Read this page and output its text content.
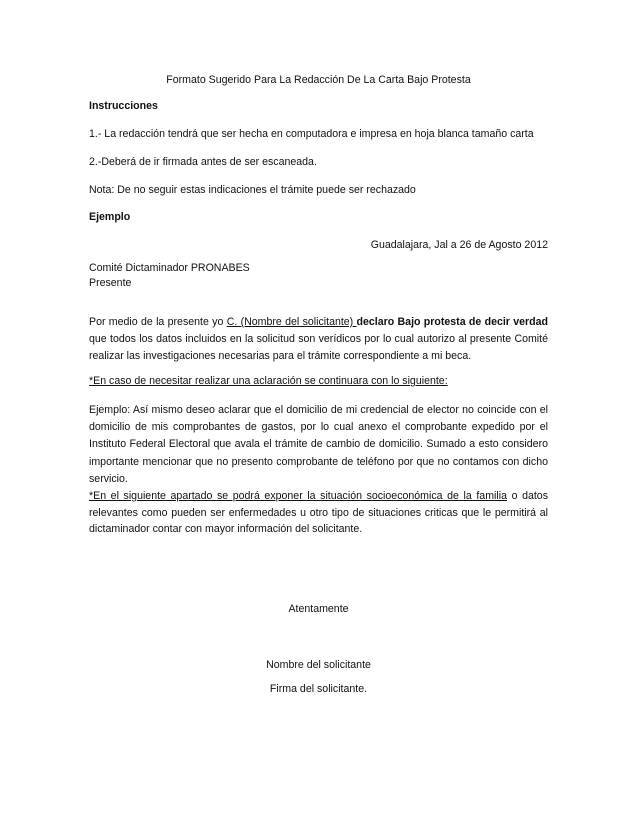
Formato Sugerido Para La Redacción De La Carta Bajo Protesta
Instrucciones
1.- La redacción tendrá que ser hecha en computadora e impresa en hoja blanca tamaño carta
2.-Deberá de ir firmada antes de ser escaneada.
Nota: De no seguir estas indicaciones el trámite puede ser rechazado
Ejemplo
Guadalajara, Jal a 26 de Agosto 2012
Comité Dictaminador PRONABES
Presente
Por medio de la presente yo C. (Nombre del solicitante) declaro Bajo protesta de decir verdad que todos los datos incluidos en la solicitud son verídicos por lo cual autorizo al presente Comité realizar las investigaciones necesarias para el trámite correspondiente a mi beca.
*En caso de necesitar realizar una aclaración se continuara con lo siguiente:
Ejemplo: Así mismo deseo aclarar que el domicilio de mi credencial de elector no coincide con el domicilio de mis comprobantes de gastos, por lo cual anexo el comprobante expedido por el Instituto Federal Electoral que avala el trámite de cambio de domicilio. Sumado a esto considero importante mencionar que no presento comprobante de teléfono por que no contamos con dicho servicio.
*En el siguiente apartado se podrá exponer la situación socioeconómica de la familia o datos relevantes como pueden ser enfermedades u otro tipo de situaciones criticas que le permitirá al dictaminador contar con mayor información del solicitante.
Atentamente
Nombre del solicitante
Firma del solicitante.
